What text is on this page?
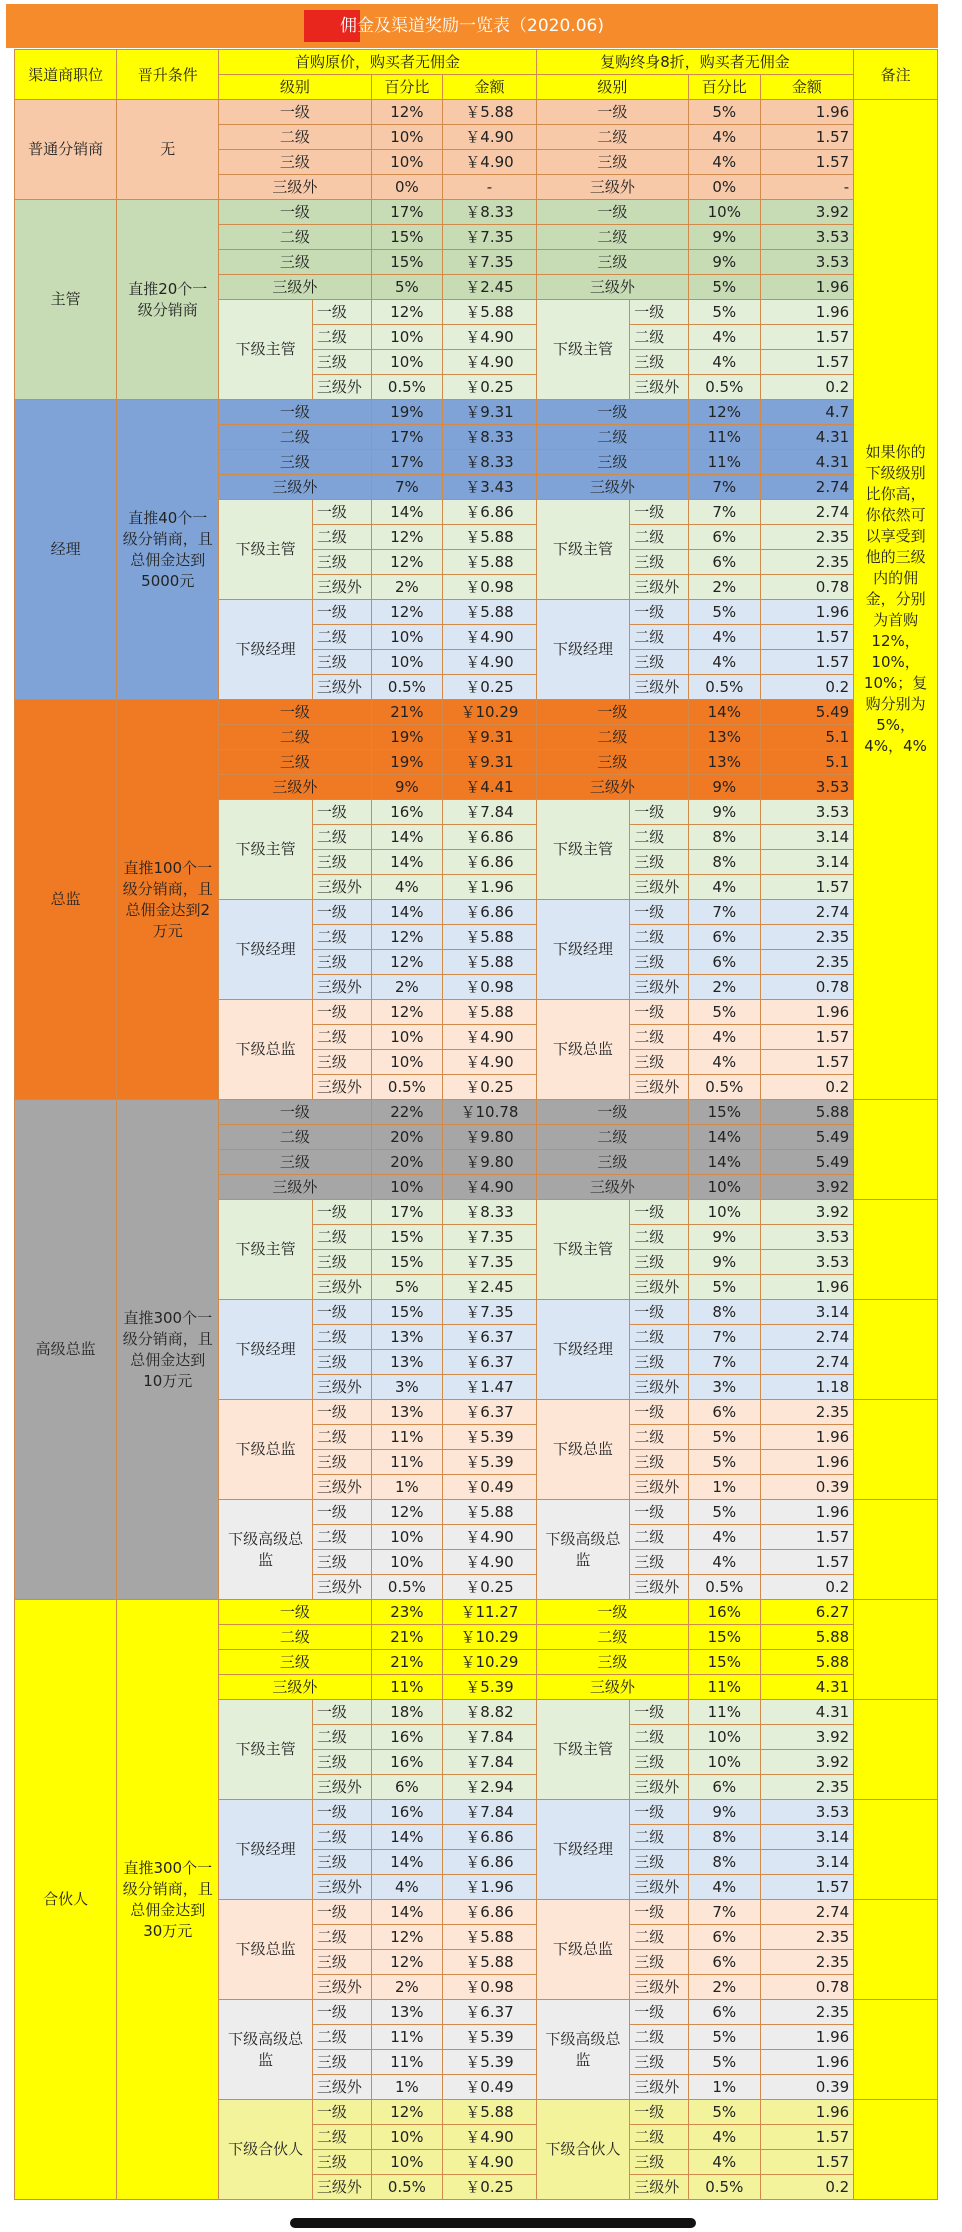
佣金及渠道奖励一览表（2020.06)
渠道商职位	晋升条件	首购原价，购买者无佣金				复购终身8折，购买者无佣金				备注
		级别		百分比	金额	级别		百分比	金额	
普通分销商	无	一级		12%	￥5.88	一级		5%	1.96	如果你的下级级别比你高，你依然可以享受到他的三级内的佣金，分别为首购12%，10%，10%；复购分别为5%，4%，4%
		二级		10%	￥4.90	二级		4%	1.57	
		三级		10%	￥4.90	三级		4%	1.57	
		三级外		0%	-	三级外		0%	-	
主管	直推20个一级分销商	一级		17%	￥8.33	一级		10%	3.92	
		二级		15%	￥7.35	二级		9%	3.53	
		三级		15%	￥7.35	三级		9%	3.53	
		三级外		5%	￥2.45	三级外		5%	1.96	
		下级主管	一级	12%	￥5.88	下级主管	一级	5%	1.96	
			二级	10%	￥4.90		二级	4%	1.57	
			三级	10%	￥4.90		三级	4%	1.57	
			三级外	0.5%	￥0.25		三级外	0.5%	0.2	
经理	直推40个一级分销商，且总佣金达到5000元	一级		19%	￥9.31	一级		12%	4.7	
		二级		17%	￥8.33	二级		11%	4.31	
		三级		17%	￥8.33	三级		11%	4.31	
		三级外		7%	￥3.43	三级外		7%	2.74	
		下级主管	一级	14%	￥6.86	下级主管	一级	7%	2.74	
			二级	12%	￥5.88		二级	6%	2.35	
			三级	12%	￥5.88		三级	6%	2.35	
			三级外	2%	￥0.98		三级外	2%	0.78	
		下级经理	一级	12%	￥5.88	下级经理	一级	5%	1.96	
			二级	10%	￥4.90		二级	4%	1.57	
			三级	10%	￥4.90		三级	4%	1.57	
			三级外	0.5%	￥0.25		三级外	0.5%	0.2	
总监	直推100个一级分销商，且总佣金达到2万元	一级		21%	￥10.29	一级		14%	5.49	
		二级		19%	￥9.31	二级		13%	5.1	
		三级		19%	￥9.31	三级		13%	5.1	
		三级外		9%	￥4.41	三级外		9%	3.53	
		下级主管	一级	16%	￥7.84	下级主管	一级	9%	3.53	
			二级	14%	￥6.86		二级	8%	3.14	
			三级	14%	￥6.86		三级	8%	3.14	
			三级外	4%	￥1.96		三级外	4%	1.57	
		下级经理	一级	14%	￥6.86	下级经理	一级	7%	2.74	
			二级	12%	￥5.88		二级	6%	2.35	
			三级	12%	￥5.88		三级	6%	2.35	
			三级外	2%	￥0.98		三级外	2%	0.78	
		下级总监	一级	12%	￥5.88	下级总监	一级	5%	1.96	
			二级	10%	￥4.90		二级	4%	1.57	
			三级	10%	￥4.90		三级	4%	1.57	
			三级外	0.5%	￥0.25		三级外	0.5%	0.2	
高级总监	直推300个一级分销商，且总佣金达到10万元	一级		22%	￥10.78	一级		15%	5.88	
		二级		20%	￥9.80	二级		14%	5.49	
		三级		20%	￥9.80	三级		14%	5.49	
		三级外		10%	￥4.90	三级外		10%	3.92	
		下级主管	一级	17%	￥8.33	下级主管	一级	10%	3.92	
			二级	15%	￥7.35		二级	9%	3.53	
			三级	15%	￥7.35		三级	9%	3.53	
			三级外	5%	￥2.45		三级外	5%	1.96	
		下级经理	一级	15%	￥7.35	下级经理	一级	8%	3.14	
			二级	13%	￥6.37		二级	7%	2.74	
			三级	13%	￥6.37		三级	7%	2.74	
			三级外	3%	￥1.47		三级外	3%	1.18	
		下级总监	一级	13%	￥6.37	下级总监	一级	6%	2.35	
			二级	11%	￥5.39		二级	5%	1.96	
			三级	11%	￥5.39		三级	5%	1.96	
			三级外	1%	￥0.49		三级外	1%	0.39	
		下级高级总监	一级	12%	￥5.88	下级高级总监	一级	5%	1.96	
			二级	10%	￥4.90		二级	4%	1.57	
			三级	10%	￥4.90		三级	4%	1.57	
			三级外	0.5%	￥0.25		三级外	0.5%	0.2	
合伙人	直推300个一级分销商，且总佣金达到30万元	一级		23%	￥11.27	一级		16%	6.27	
		二级		21%	￥10.29	二级		15%	5.88	
		三级		21%	￥10.29	三级		15%	5.88	
		三级外		11%	￥5.39	三级外		11%	4.31	
		下级主管	一级	18%	￥8.82	下级主管	一级	11%	4.31	
			二级	16%	￥7.84		二级	10%	3.92	
			三级	16%	￥7.84		三级	10%	3.92	
			三级外	6%	￥2.94		三级外	6%	2.35	
		下级经理	一级	16%	￥7.84	下级经理	一级	9%	3.53	
			二级	14%	￥6.86		二级	8%	3.14	
			三级	14%	￥6.86		三级	8%	3.14	
			三级外	4%	￥1.96		三级外	4%	1.57	
		下级总监	一级	14%	￥6.86	下级总监	一级	7%	2.74	
			二级	12%	￥5.88		二级	6%	2.35	
			三级	12%	￥5.88		三级	6%	2.35	
			三级外	2%	￥0.98		三级外	2%	0.78	
		下级高级总监	一级	13%	￥6.37	下级高级总监	一级	6%	2.35	
			二级	11%	￥5.39		二级	5%	1.96	
			三级	11%	￥5.39		三级	5%	1.96	
			三级外	1%	￥0.49		三级外	1%	0.39	
		下级合伙人	一级	12%	￥5.88	下级合伙人	一级	5%	1.96	
			二级	10%	￥4.90		二级	4%	1.57	
			三级	10%	￥4.90		三级	4%	1.57	
			三级外	0.5%	￥0.25		三级外	0.5%	0.2	
